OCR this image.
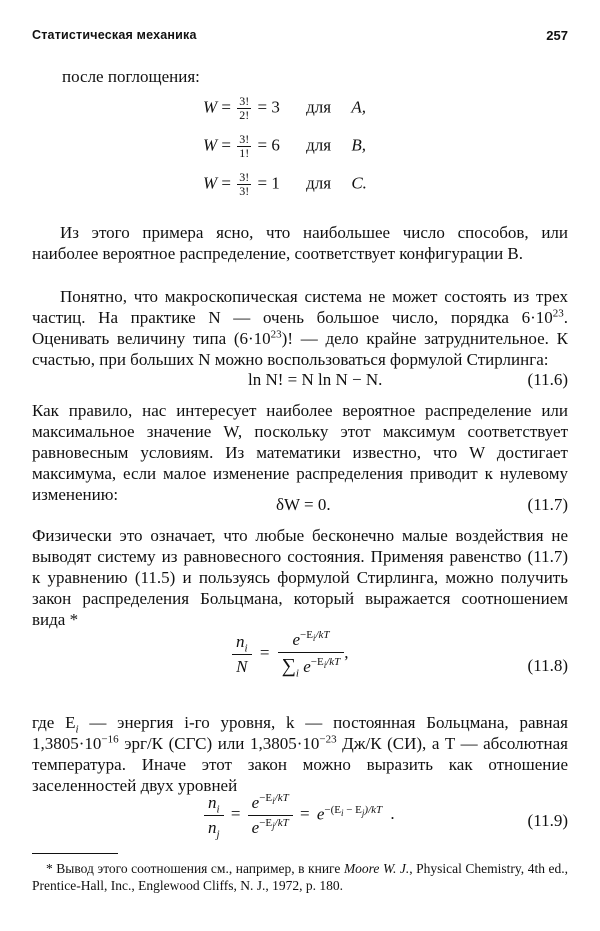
Статистическая механика	257

после поглощения:

$W = \frac{3!}{2!} = 3$ для A,
$W = \frac{3!}{1!} = 6$ для B,
$W = \frac{3!}{3!} = 1$ для C.

Из этого примера ясно, что наибольшее число способов, или наиболее вероятное распределение, соответствует конфигурации B.

Понятно, что макроскопическая система не может состоять из трех частиц. На практике N — очень большое число, порядка $6\cdot 10^{23}$. Оценивать величину типа $(6\cdot 10^{23})$! — дело крайне затруднительное. К счастью, при больших N можно воспользоваться формулой Стирлинга:

ln N! = N ln N − N.	(11.6)

Как правило, нас интересует наиболее вероятное распределение или максимальное значение W, поскольку этот максимум соответствует равновесным условиям. Из математики известно, что W достигает максимума, если малое изменение распределения приводит к нулевому изменению:

δW = 0.	(11.7)

Физически это означает, что любые бесконечно малые воздействия не выводят систему из равновесного состояния. Применяя равенство (11.7) к уравнению (11.5) и пользуясь формулой Стирлинга, можно получить закон распределения Больцмана, который выражается соотношением вида *

$\frac{n_i}{N} = \frac{e^{-E_i/kT}}{\sum_i e^{-E_i/kT}}$ ,
(11.8)

где $E_i$ — энергия i-го уровня, k — постоянная Больцмана, равная $1,3805\cdot 10^{-16}$ эрг/К (СГС) или $1,3805\cdot 10^{-23}$ Дж/К (СИ), а T — абсолютная температура. Иначе этот закон можно выразить как отношение заселенностей двух уровней

$\frac{n_i}{n_j} = \frac{e^{-E_i/kT}}{e^{-E_j/kT}} = e^{-(E_i - E_j)/kT}$ .	(11.9)

* Вывод этого соотношения см., например, в книге Moore W. J., Physical Chemistry, 4th ed., Prentice-Hall, Inc., Englewood Cliffs, N. J., 1972, p. 180.
